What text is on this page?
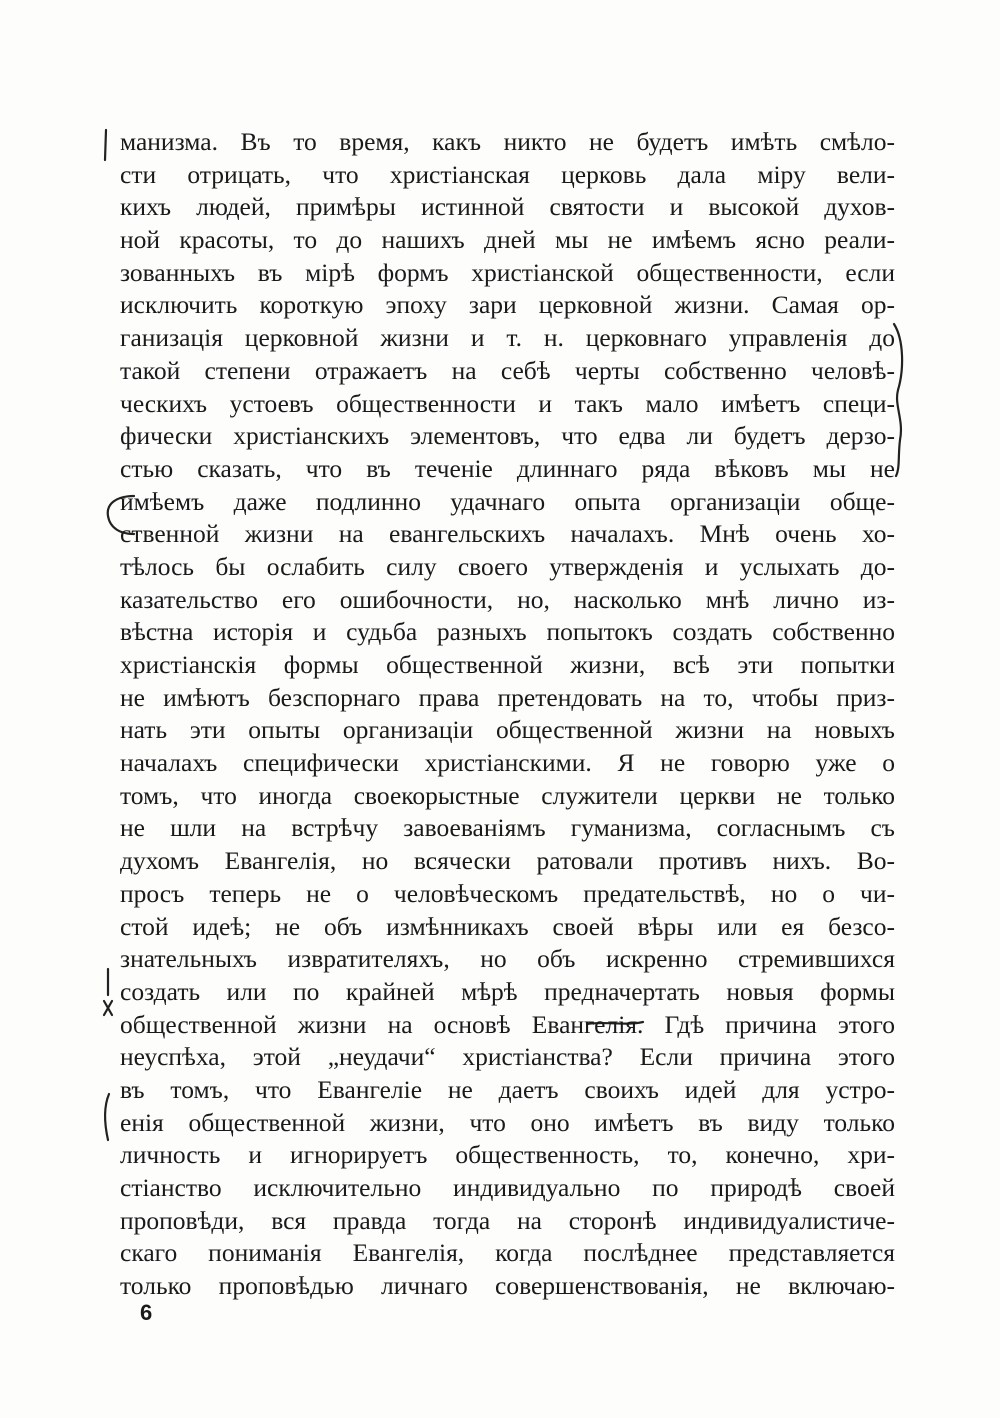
манизма. Въ то время, какъ никто не будетъ имѣть смѣло-
сти отрицать, что христіанская церковь дала міру вели-
кихъ людей, примѣры истинной святости и высокой духов-
ной красоты, то до нашихъ дней мы не имѣемъ ясно реали-
зованныхъ въ мірѣ формъ христіанской общественности, если
исключить короткую эпоху зари церковной жизни. Самая ор-
ганизація церковной жизни и т. н. церковнаго управленія до
такой степени отражаетъ на себѣ черты собственно человѣ-
ческихъ устоевъ общественности и такъ мало имѣетъ специ-
фически христіанскихъ элементовъ, что едва ли будетъ дерзо-
стью сказать, что въ теченіе длиннаго ряда вѣковъ мы не
имѣемъ даже подлинно удачнаго опыта организаціи обще-
ственной жизни на евангельскихъ началахъ. Мнѣ очень хо-
тѣлось бы ослабить силу своего утвержденія и услыхать до-
казательство его ошибочности, но, насколько мнѣ лично из-
вѣстна исторія и судьба разныхъ попытокъ создать собственно
христіанскія формы общественной жизни, всѣ эти попытки
не имѣютъ безспорнаго права претендовать на то, чтобы приз-
нать эти опыты организаціи общественной жизни на новыхъ
началахъ специфически христіанскими. Я не говорю уже о
томъ, что иногда своекорыстные служители церкви не только
не шли на встрѣчу завоеваніямъ гуманизма, согласнымъ съ
духомъ Евангелія, но всячески ратовали противъ нихъ. Во-
просъ теперь не о человѣческомъ предательствѣ, но о чи-
стой идеѣ; не объ измѣнникахъ своей вѣры или ея безсо-
знательныхъ извратителяхъ, но объ искренно стремившихся
создать или по крайней мѣрѣ предначертать новыя формы
общественной жизни на основѣ Евангелія. Гдѣ причина этого
неуспѣха, этой „неудачи“ христіанства? Если причина этого
въ томъ, что Евангеліе не даетъ своихъ идей для устро-
енія общественной жизни, что оно имѣетъ въ виду только
личность и игнорируетъ общественность, то, конечно, хри-
стіанство исключительно индивидуально по природѣ своей
проповѣди, вся правда тогда на сторонѣ индивидуалистиче-
скаго пониманія Евангелія, когда послѣднее представляется
только проповѣдью личнаго совершенствованія, не включаю-
6
